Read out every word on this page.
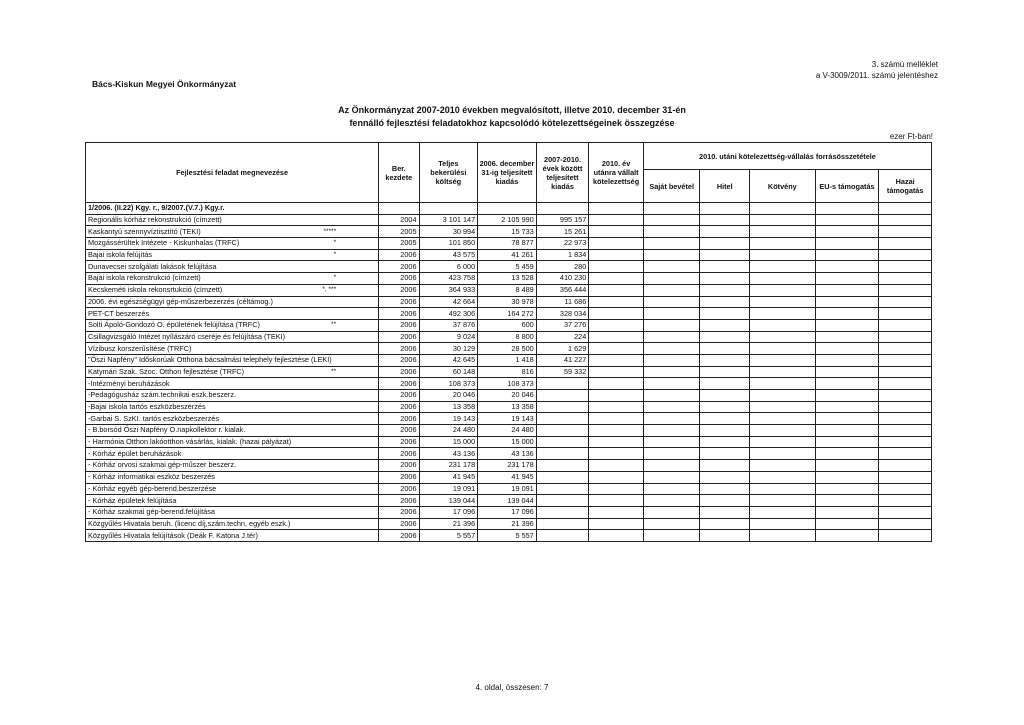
3. számú melléklet
a V-3009/2011. számú jelentéshez
Bács-Kiskun Megyei Önkormányzat
Az Önkormányzat 2007-2010 években megvalósított, illetve 2010. december 31-én
fennálló fejlesztési feladatokhoz kapcsolódó kötelezettségeinek összegzése
ezer Ft-ban!
Fejlesztési feladat megnevezése	Ber. kezdete	Teljes bekerülési költség	2006. december 31-ig teljesített kiadás	2007-2010. évek között teljesített kiadás	2010. év utánra vállalt kötelezettség	2010. utáni kötelezettség-vállalás forrásösszetétele				
						Saját bevétel	Hitel	Kötvény	EU-s támogatás	Hazai támogatás
1/2006. (II.22) Kgy. r., 9/2007.(V.7.) Kgy.r.										
Regionális kórház rekonstrukció (címzett)	2004	3 101 147	2 105 990	995 157						
Kaskantyú szennyvíztisztító (TEKI) *****	2005	30 994	15 733	15 261						
Mozgássérültek Intézete - Kiskunhalas (TRFC) *	2005	101 850	78 877	22 973						
Bajai iskola felújítás *	2006	43 575	41 261	1 834						
Dunavecsei szolgálati lakások felújítása	2006	6 000	5 459	280						
Bajai iskola rekonstrukció (címzett) *	2006	423 758	13 528	410 230						
Kecskeméti iskola rekonsrtukció (címzett) *, ***	2006	364 933	8 489	356 444						
2006. évi egészségügyi gép-műszerbezerzés (céltámog.)	2006	42 664	30 978	11 686						
PET-CT beszerzés	2006	492 306	164 272	328 034						
Solti Ápoló-Gondozó O. épületének felújítása (TRFC) **	2006	37 876	600	37 276						
Csillagvizsgáló Intézet nyílászáró cseréje és felújítása (TEKI)	2006	9 024	8 800	224						
Vízibusz korszerűsítése (TRFC)	2006	30 129	28 500	1 629						
"Őszi Napfény" Időskorúak Otthona bácsalmási telephely fejlesztése (LEKI)	2006	42 645	1 418	41 227						
Katymári Szak. Szoc. Otthon fejlesztése (TRFC) **	2006	60 148	816	59 332						
-Intézményi beruházások	2006	108 373	108 373							
-Pedagógusház szám.technikai eszk.beszerz.	2006	20 046	20 046							
-Bajai iskola tartós eszközbeszerzés	2006	13 358	13 358							
-Garbai S. SzKI. tartós eszközbeszerzés	2006	19 143	19 143							
- B.borsód Őszi Napfény O.napkollektor r. kialak.	2006	24 480	24 480							
- Harmónia Otthon lakóotthon vásárlás, kialak. (hazai pályázat)	2006	15 000	15 000							
- Kórház épület beruházások	2006	43 136	43 136							
- Kórház orvosi szakmai gép-műszer beszerz.	2006	231 178	231 178							
- Kórház informatikai eszköz beszerzés	2006	41 945	41 945							
- Kórház egyéb gép-berend.beszerzése	2006	19 091	19 091							
- Kórház épületek felújítása	2006	139 044	139 044							
- Kórház szakmai gép-berend.felújítása	2006	17 096	17 096							
Közgyűlés Hivatala beruh. (licenc díj,szám.techn, egyéb eszk.)	2006	21 396	21 396							
Közgyűlés Hivatala felújítások (Deák F. Katona J.tér)	2006	5 557	5 557							
4. oldal, összesen: 7
